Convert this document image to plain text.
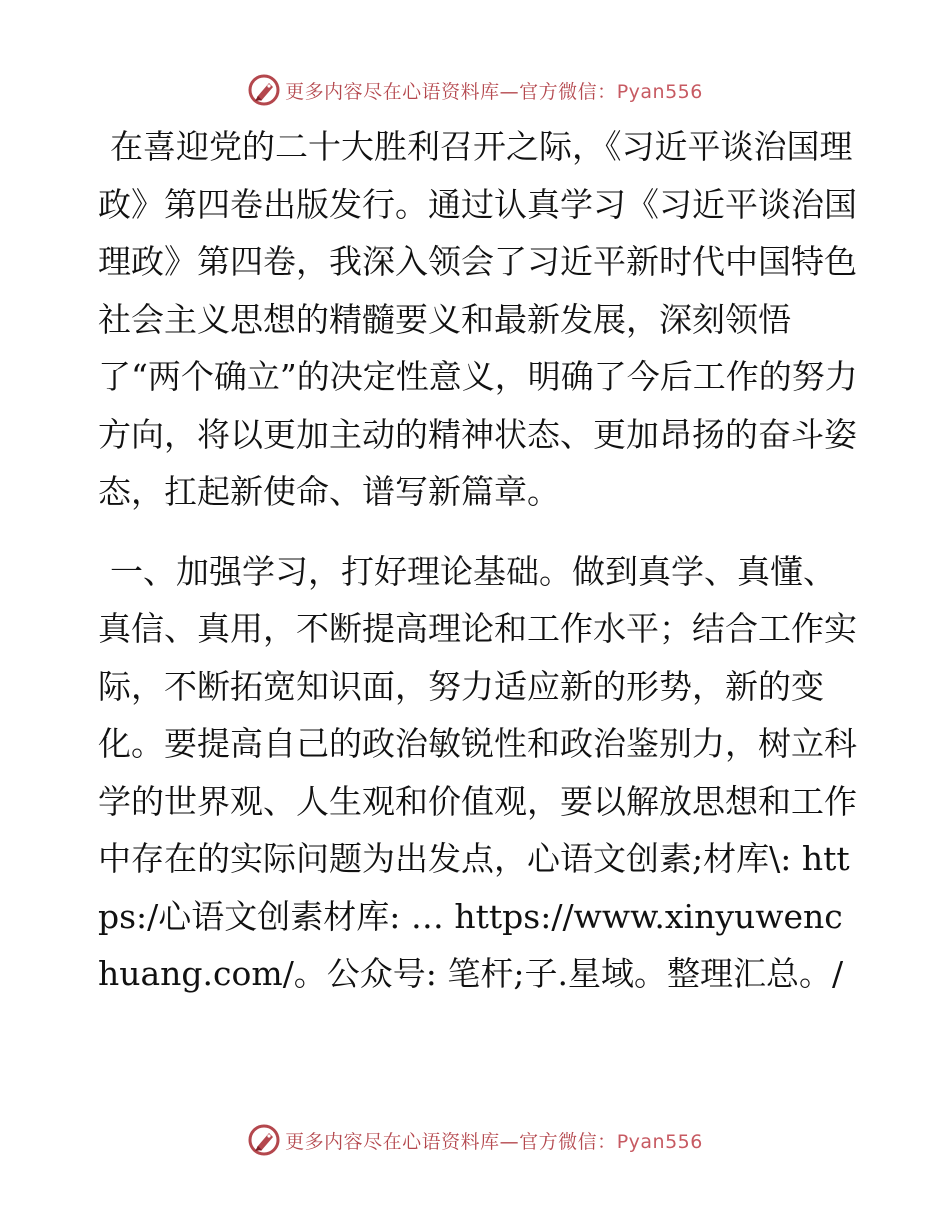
更多内容尽在心语资料库—官方微信：Pyan556

在喜迎党的二十大胜利召开之际，《习近平谈治国理政》第四卷出版发行。通过认真学习《习近平谈治国理政》第四卷，我深入领会了习近平新时代中国特色社会主义思想的精髓要义和最新发展，深刻领悟了“两个确立”的决定性意义，明确了今后工作的努力方向，将以更加主动的精神状态、更加昂扬的奋斗姿态，扛起新使命、谱写新篇章。

一、加强学习，打好理论基础。做到真学、真懂、真信、真用，不断提高理论和工作水平；结合工作实际，不断拓宽知识面，努力适应新的形势，新的变化。要提高自己的政治敏锐性和政治鉴别力，树立科学的世界观、人生观和价值观，要以解放思想和工作中存在的实际问题为出发点，心语文创素;材库\: https:/心语文创素材库: … https://www.xinyuwenchuang.com/。公众号: 笔杆;子.星域。整理汇总。/

更多内容尽在心语资料库—官方微信：Pyan556
